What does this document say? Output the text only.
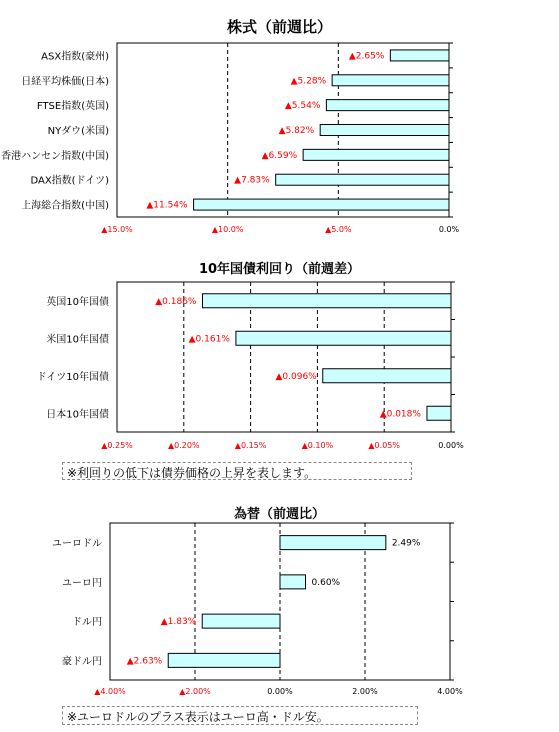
株式（前週比）
▲15.0%	▲10.0%	▲5.0%	0.0%
ASX指数(豪州)	▲2.65%
日経平均株価(日本)	▲5.28%
FTSE指数(英国)	▲5.54%
NYダウ(米国)	▲5.82%
香港ハンセン指数(中国)	▲6.59%
DAX指数(ドイツ)	▲7.83%
上海総合指数(中国)	▲11.54%
10年国債利回り（前週差）
▲0.25%	▲0.20%	▲0.15%	▲0.10%	▲0.05%	0.00%
英国10年国債	▲0.186%
米国10年国債	▲0.161%
ドイツ10年国債	▲0.096%
日本10年国債	▲0.018%
※利回りの低下は債券価格の上昇を表します。
為替（前週比）
▲4.00%	▲2.00%	0.00%	2.00%	4.00%
ユーロドル	2.49%
ユーロ円	0.60%
ドル円	▲1.83%
豪ドル円	▲2.63%
※ユーロドルのプラス表示はユーロ高・ドル安。
